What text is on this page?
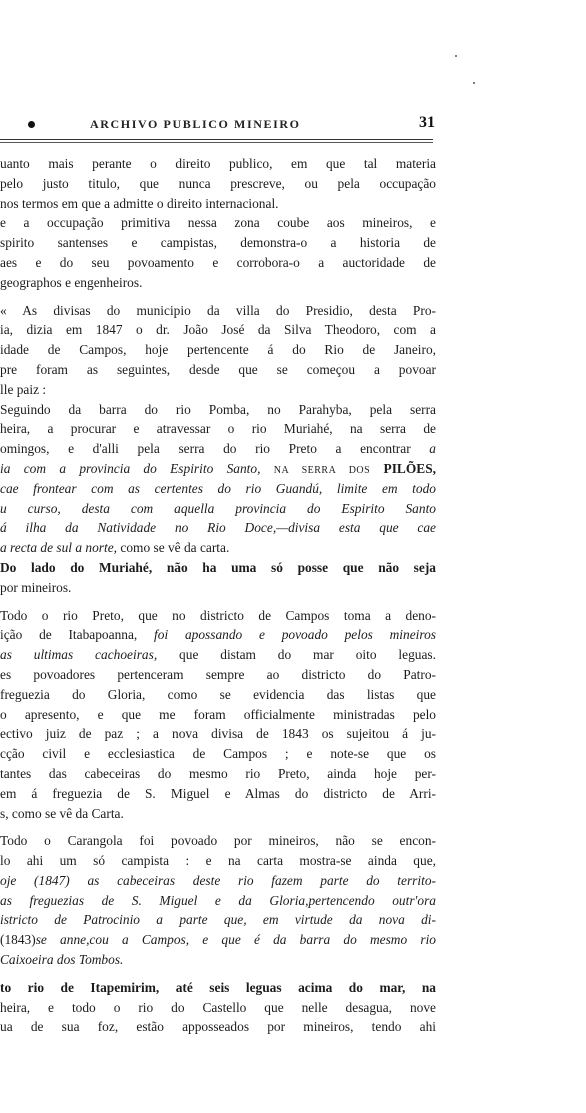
ARCHIVO PUBLICO MINEIRO	31
uanto mais perante o direito publico, em que tal materia
pelo justo titulo, que nunca prescreve, ou pela occupação
nos termos em que a admitte o direito internacional.
e a occupação primitiva nessa zona coube aos mineiros, e
spirito santenses e campistas, demonstra-o a historia de
aes e do seu povoamento e corrobora-o a auctoridade de
geographos e engenheiros.
« As divisas do municipio da villa do Presidio, desta Pro-
ia, dizia em 1847 o dr. João José da Silva Theodoro, com a
idade de Campos, hoje pertencente á do Rio de Janeiro,
pre foram as seguintes, desde que se começou a povoar
lle paiz :
Seguindo da barra do rio Pomba, no Parahyba, pela serra
heira, a procurar e atravessar o rio Muriahé, na serra de
omingos, e d'alli pela serra do rio Preto a encontrar a
ia com a provincia do Espirito Santo, NA SERRA DOS PILÕES,
cae frontear com as certentes do rio Guandú, limite em todo
u curso, desta com aquella provincia do Espirito Santo
á ilha da Natividade no Rio Doce,—divisa esta que cae
a recta de sul a norte, como se vê da carta.
Do lado do Muriahé, não ha uma só posse que não seja
por mineiros.
Todo o rio Preto, que no districto de Campos toma a deno-
ição de Itabapoanna, foi apossando e povoado pelos mineiros
as ultimas cachoeiras, que distam do mar oito leguas.
es povoadores pertenceram sempre ao districto do Patro-
freguezia do Gloria, como se evidencia das listas que
o apresento, e que me foram officialmente ministradas pelo
ectivo juiz de paz ; a nova divisa de 1843 os sujeitou á ju-
cção civil e ecclesiastica de Campos ; e note-se que os
tantes das cabeceiras do mesmo rio Preto, ainda hoje per-
em á freguezia de S. Miguel e Almas do districto de Arri-
s, como se vê da Carta.
Todo o Carangola foi povoado por mineiros, não se encon-
lo ahi um só campista : e na carta mostra-se ainda que,
oje (1847) as cabeceiras deste rio fazem parte do territo-
as freguezias de S. Miguel e da Gloria,pertencendo outr'ora
istricto de Patrocinio a parte que, em virtude da nova di-
(1843)se anne,cou a Campos, e que é da barra do mesmo rio
Caixoeira dos Tombos.
to rio de Itapemirim, até seis leguas acima do mar, na
heira, e todo o rio do Castello que nelle desagua, nove
ua de sua foz, estão apposseados por mineiros, tendo ahi
